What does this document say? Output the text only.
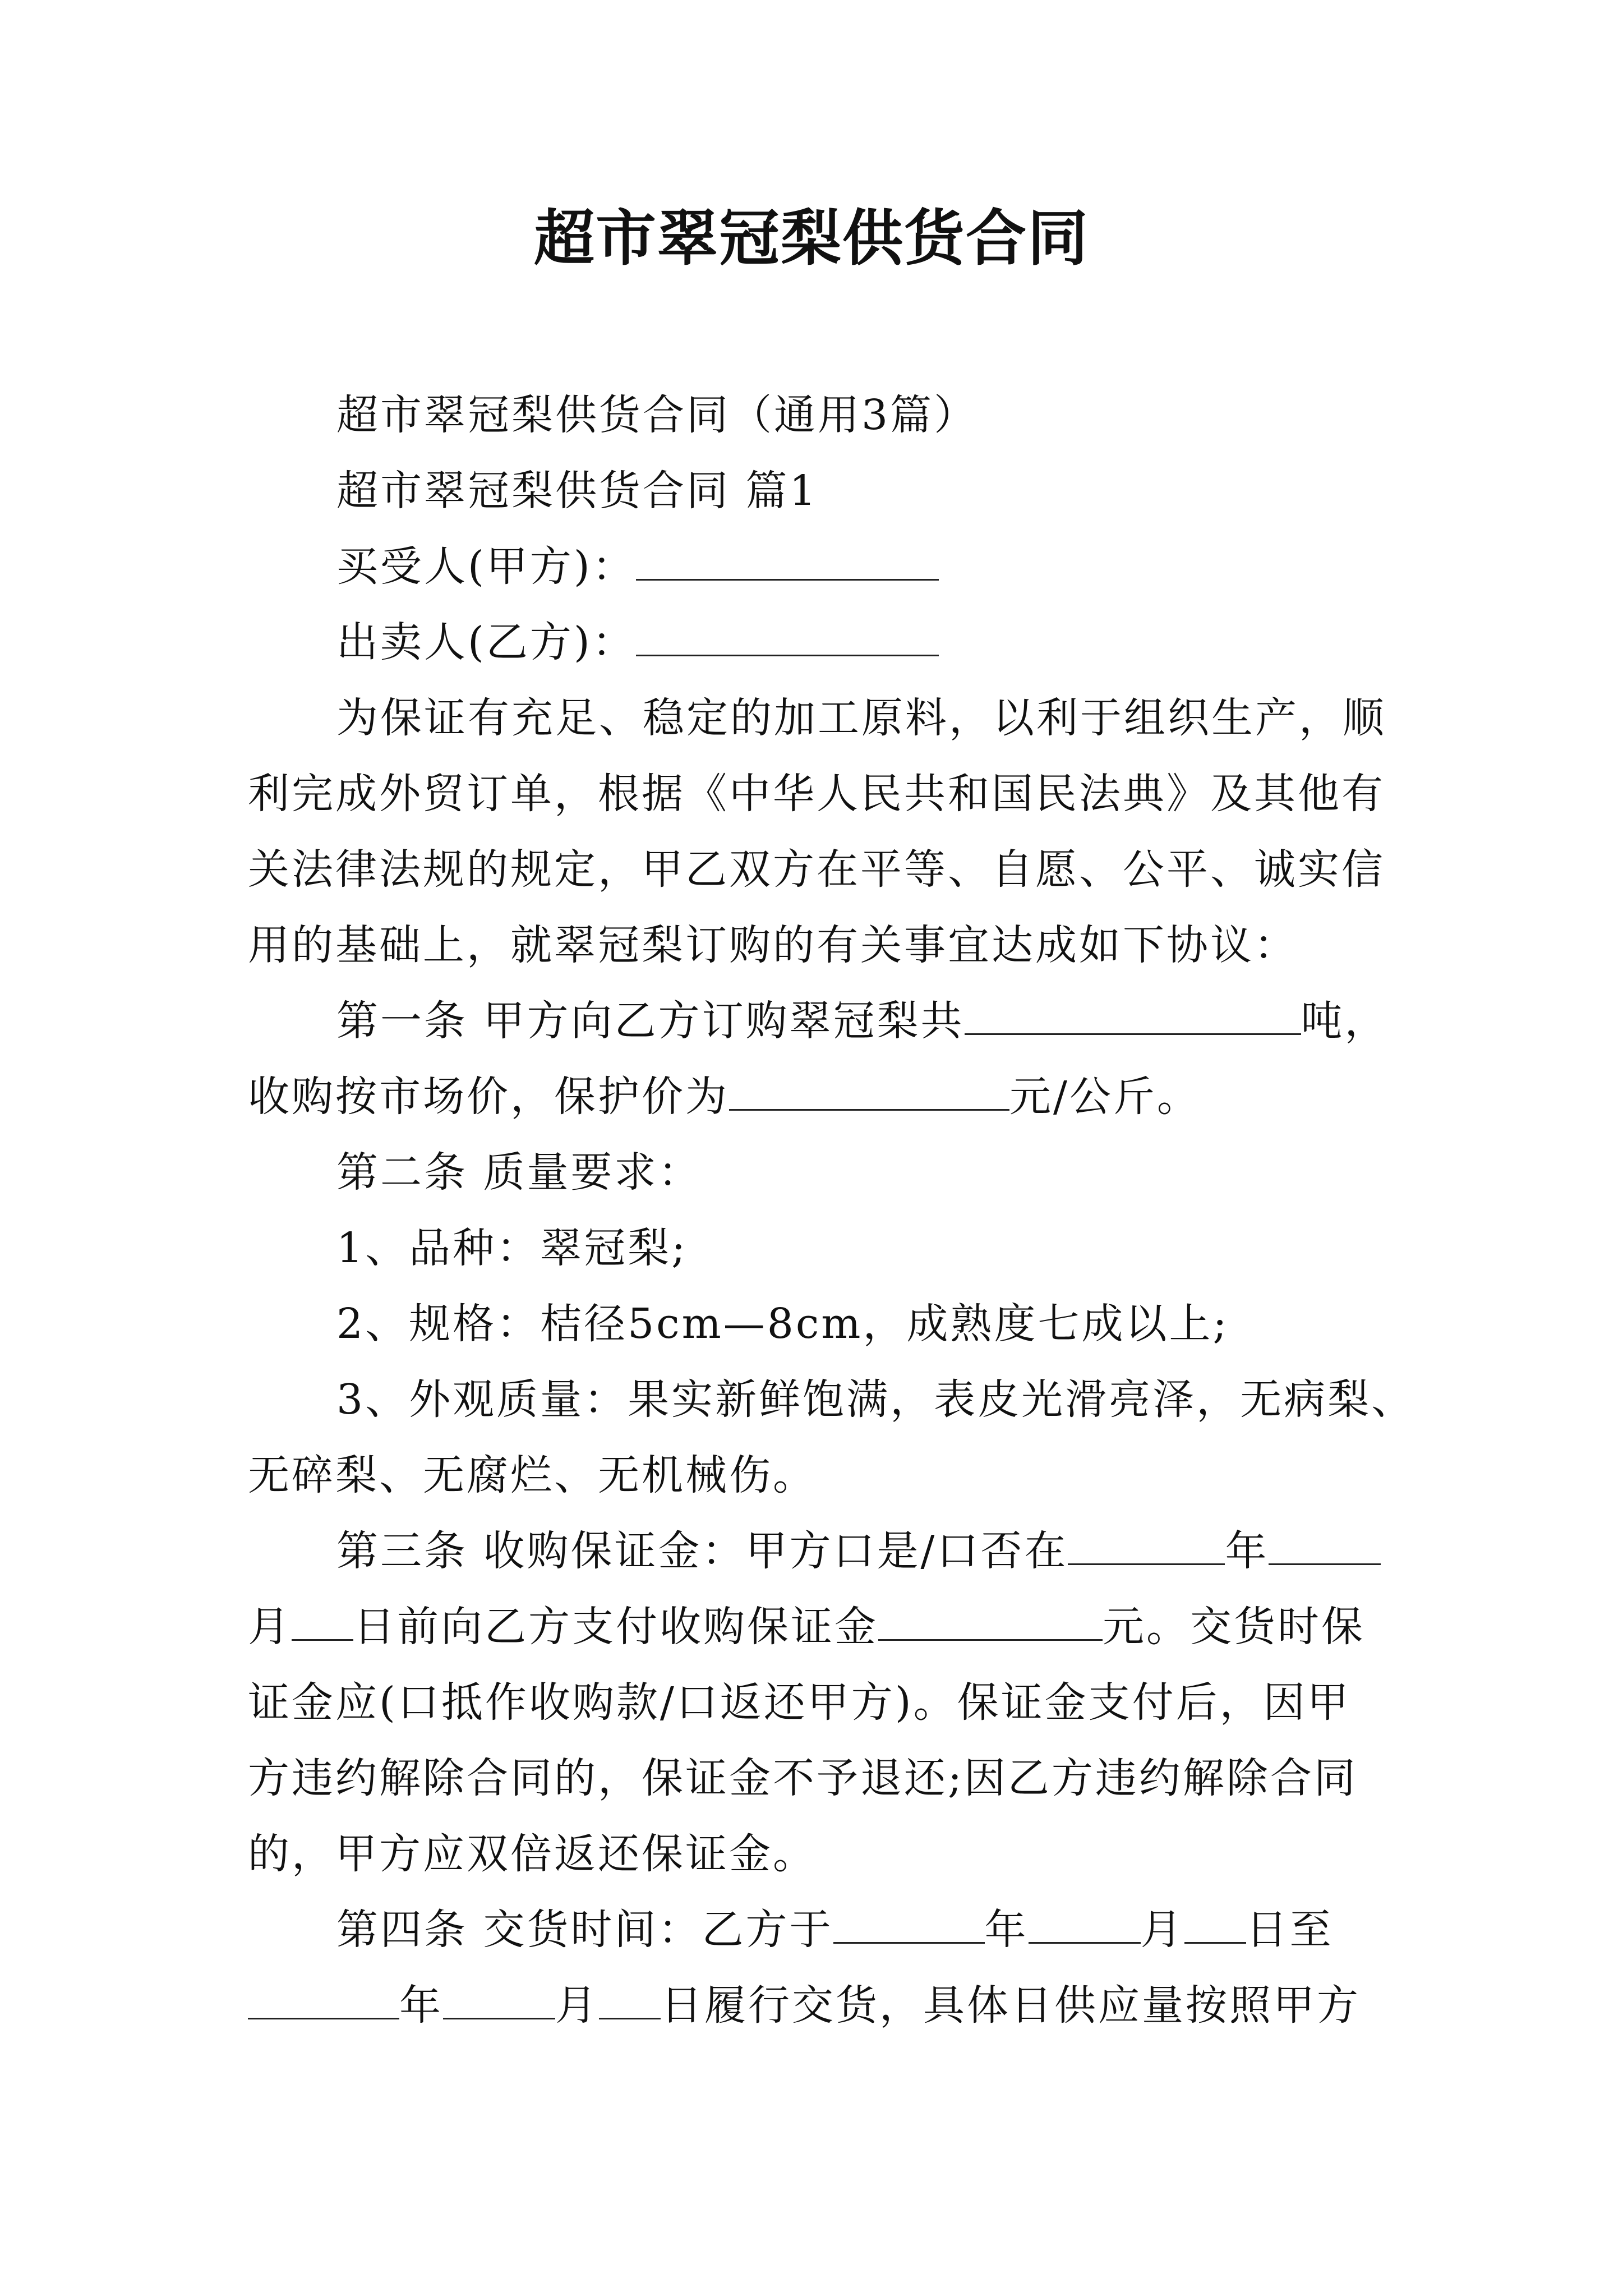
超市翠冠梨供货合同
超市翠冠梨供货合同（通用3篇）
超市翠冠梨供货合同 篇1
买受人(甲方)：
出卖人(乙方)：
为保证有充足、稳定的加工原料，以利于组织生产，顺
利完成外贸订单，根据《中华人民共和国民法典》及其他有
关法律法规的规定，甲乙双方在平等、自愿、公平、诚实信
用的基础上，就翠冠梨订购的有关事宜达成如下协议：
第一条 甲方向乙方订购翠冠梨共	吨，
收购按市场价，保护价为	元/公斤。
第二条 质量要求：
1、品种：翠冠梨;
2、规格：桔径5cm—8cm，成熟度七成以上;
3、外观质量：果实新鲜饱满，表皮光滑亮泽，无病梨、
无碎梨、无腐烂、无机械伤。
第三条 收购保证金：甲方口是/口否在	年
月 日前向乙方支付收购保证金	元。交货时保
证金应(口抵作收购款/口返还甲方)。保证金支付后，因甲
方违约解除合同的，保证金不予退还;因乙方违约解除合同
的，甲方应双倍返还保证金。
第四条 交货时间：乙方于	年	月 日至
年	月 日履行交货，具体日供应量按照甲方
